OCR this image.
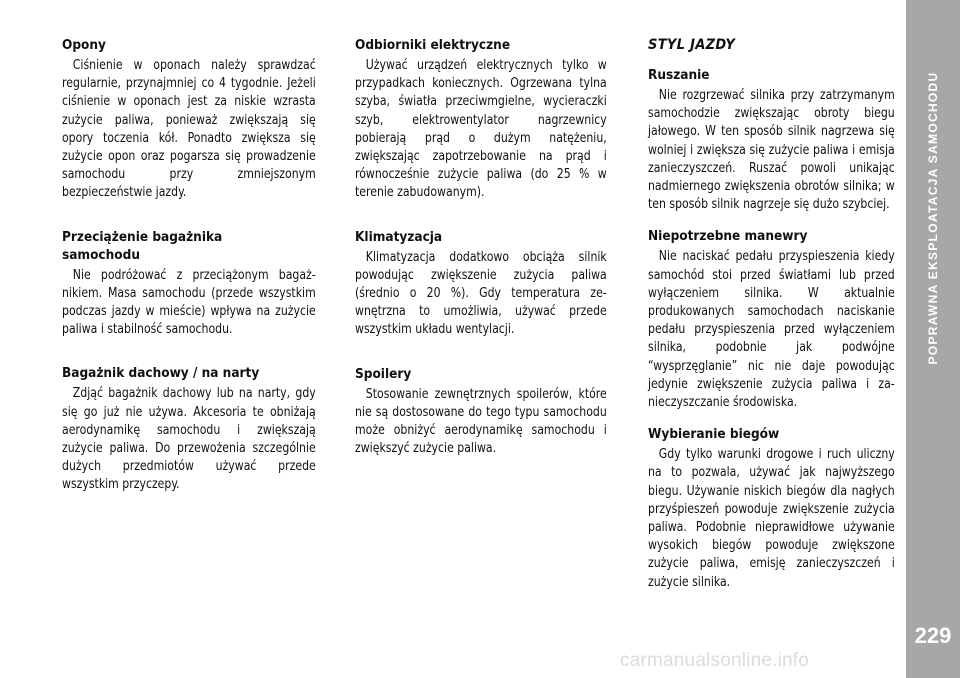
Opony

Ciśnienie w oponach należy sprawdzać regularnie, przynajmniej co 4 tygodnie. Jeżeli ciśnienie w oponach jest za niskie wzrasta zużycie paliwa, ponieważ zwiększają się opory toczenia kół. Ponadto zwiększa się zużycie opon oraz pogarsza się prowadzenie samochodu przy zmniejszonym bezpieczeństwie jazdy.

Przeciążenie bagażnika samochodu

Nie podróżować z przeciążonym bagażnikiem. Masa samochodu (przede wszystkim podczas jazdy w mieście) wpływa na zużycie paliwa i stabilność samochodu.

Bagażnik dachowy / na narty

Zdjąć bagażnik dachowy lub na narty, gdy się go już nie używa. Akcesoria te obniżają aerodynamikę samochodu i zwiększają zużycie paliwa. Do przewożenia szczególnie dużych przedmiotów używać przede wszystkim przyczepy.

Odbiorniki elektryczne

Używać urządzeń elektrycznych tylko w przypadkach koniecznych. Ogrzewana tylna szyba, światła przeciwmgielne, wycieraczki szyb, elektrowentylator nagrzewnicy pobierają prąd o dużym natężeniu, zwiększając zapotrzebowanie na prąd i równocześnie zużycie paliwa (do 25 % w terenie zabudowanym).

Klimatyzacja

Klimatyzacja dodatkowo obciąża silnik powodując zwiększenie zużycia paliwa (średnio o 20 %). Gdy temperatura zewnętrzna to umożliwia, używać przede wszystkim układu wentylacji.

Spoilery

Stosowanie zewnętrznych spoilerów, które nie są dostosowane do tego typu samochodu może obniżyć aerodynamikę samochodu i zwiększyć zużycie paliwa.

STYL JAZDY
Ruszanie

Nie rozgrzewać silnika przy zatrzymanym samochodzie zwiększając obroty biegu jałowego. W ten sposób silnik nagrzewa się wolniej i zwiększa się zużycie paliwa i emisja zanieczyszczeń. Ruszać powoli unikając nadmiernego zwiększenia obrotów silnika; w ten sposób silnik nagrzeje się dużo szybciej.

Niepotrzebne manewry

Nie naciskać pedału przyspieszenia kiedy samochód stoi przed światłami lub przed wyłączeniem silnika. W aktualnie produkowanych samochodach naciskanie pedału przyspieszenia przed wyłączeniem silnika, podobnie jak podwójne “wysprzęglanie” nic nie daje powodując jedynie zwiększenie zużycia paliwa i zanieczyszczanie środowiska.

Wybieranie biegów

Gdy tylko warunki drogowe i ruch uliczny na to pozwala, używać jak najwyższego biegu. Używanie niskich biegów dla nagłych przyśpieszeń powoduje zwiększenie zużycia paliwa. Podobnie nieprawidłowe używanie wysokich biegów powoduje zwiększone zużycie paliwa, emisję zanieczyszczeń i zużycie silnika.

POPRAWNA EKSPLOATACJA SAMOCHODU
229
carmanualsonline.info
